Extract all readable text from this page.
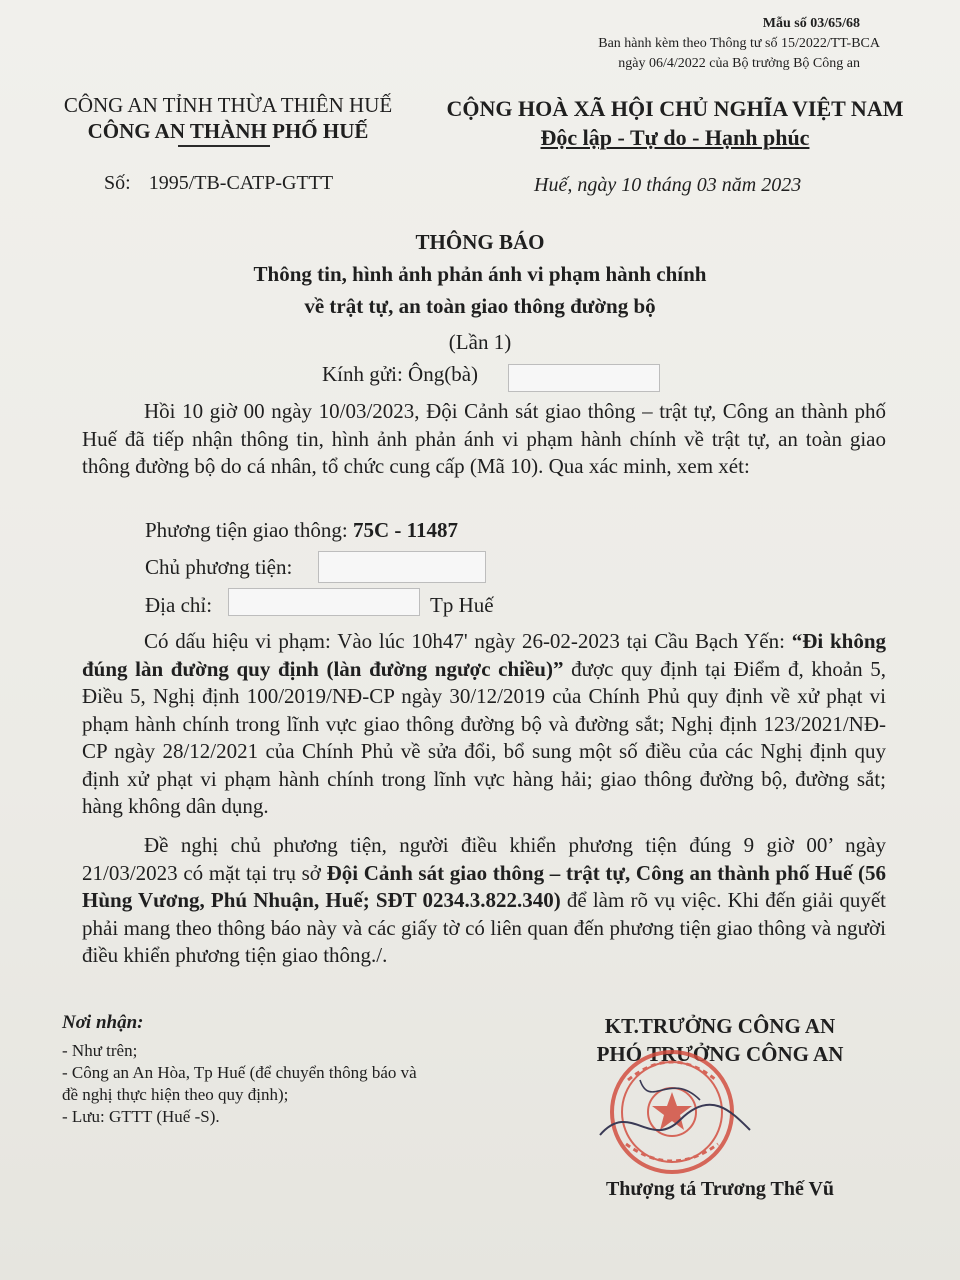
Mẫu số 03/65/68
Ban hành kèm theo Thông tư số 15/2022/TT-BCA
ngày 06/4/2022 của Bộ trưởng Bộ Công an
CÔNG AN TỈNH THỪA THIÊN HUẾ
CÔNG AN THÀNH PHỐ HUẾ
CỘNG HOÀ XÃ HỘI CHỦ NGHĨA VIỆT NAM
Độc lập - Tự do - Hạnh phúc
Số: 1995/TB-CATP-GTTT	Huế, ngày 10 tháng 03 năm 2023
THÔNG BÁO
Thông tin, hình ảnh phản ánh vi phạm hành chính
về trật tự, an toàn giao thông đường bộ
(Lần 1)
Kính gửi: Ông(bà)
Hồi 10 giờ 00 ngày 10/03/2023, Đội Cảnh sát giao thông – trật tự, Công an thành phố Huế đã tiếp nhận thông tin, hình ảnh phản ánh vi phạm hành chính về trật tự, an toàn giao thông đường bộ do cá nhân, tổ chức cung cấp (Mã 10). Qua xác minh, xem xét:
Phương tiện giao thông: 75C - 11487
Chủ phương tiện:
Địa chỉ:	Tp Huế
Có dấu hiệu vi phạm: Vào lúc 10h47' ngày 26-02-2023 tại Cầu Bạch Yến: “Đi không đúng làn đường quy định (làn đường ngược chiều)” được quy định tại Điểm đ, khoản 5, Điều 5, Nghị định 100/2019/NĐ-CP ngày 30/12/2019 của Chính Phủ quy định về xử phạt vi phạm hành chính trong lĩnh vực giao thông đường bộ và đường sắt; Nghị định 123/2021/NĐ-CP ngày 28/12/2021 của Chính Phủ về sửa đổi, bổ sung một số điều của các Nghị định quy định xử phạt vi phạm hành chính trong lĩnh vực hàng hải; giao thông đường bộ, đường sắt; hàng không dân dụng.
Đề nghị chủ phương tiện, người điều khiển phương tiện đúng 9 giờ 00’ ngày 21/03/2023 có mặt tại trụ sở Đội Cảnh sát giao thông – trật tự, Công an thành phố Huế (56 Hùng Vương, Phú Nhuận, Huế; SĐT 0234.3.822.340) để làm rõ vụ việc. Khi đến giải quyết phải mang theo thông báo này và các giấy tờ có liên quan đến phương tiện giao thông và người điều khiển phương tiện giao thông./.
Nơi nhận:
- Như trên;
- Công an An Hòa, Tp Huế (để chuyển thông báo và
đề nghị thực hiện theo quy định);
- Lưu: GTTT (Huế -S).
KT.TRƯỞNG CÔNG AN
PHÓ TRƯỞNG CÔNG AN
Thượng tá Trương Thế Vũ
